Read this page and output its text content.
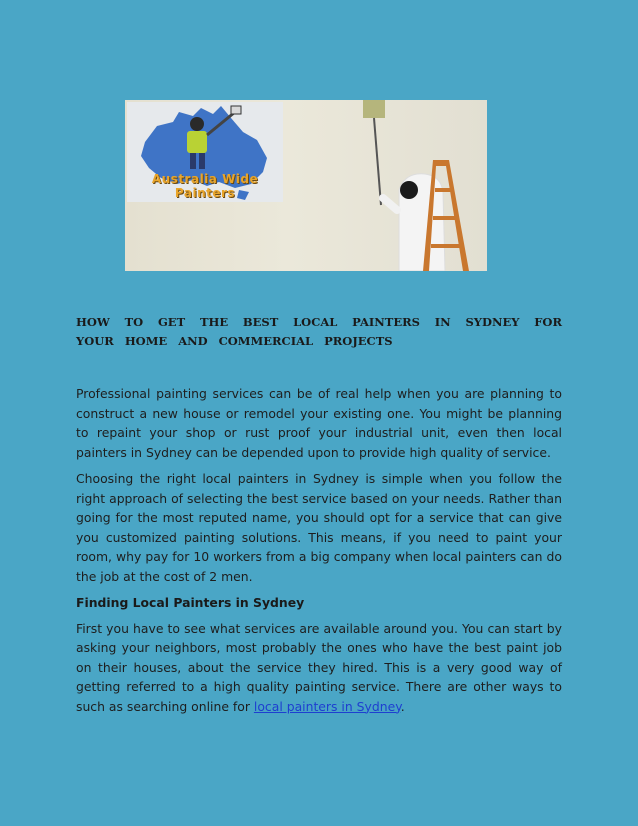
Australia Wide
Painters
HOW TO GET THE BEST LOCAL PAINTERS IN SYDNEY FOR YOUR HOME AND COMMERCIAL PROJECTS

Professional painting services can be of real help when you are planning to construct a new house or remodel your existing one. You might be planning to repaint your shop or rust proof your industrial unit, even then local painters in Sydney can be depended upon to provide high quality of service.

Choosing the right local painters in Sydney is simple when you follow the right approach of selecting the best service based on your needs. Rather than going for the most reputed name, you should opt for a service that can give you customized painting solutions. This means, if you need to paint your room, why pay for 10 workers from a big company when local painters can do the job at the cost of 2 men.

Finding Local Painters in Sydney

First you have to see what services are available around you. You can start by asking your neighbors, most probably the ones who have the best paint job on their houses, about the service they hired. This is a very good way of getting referred to a high quality painting service. There are other ways to such as searching online for local painters in Sydney.
